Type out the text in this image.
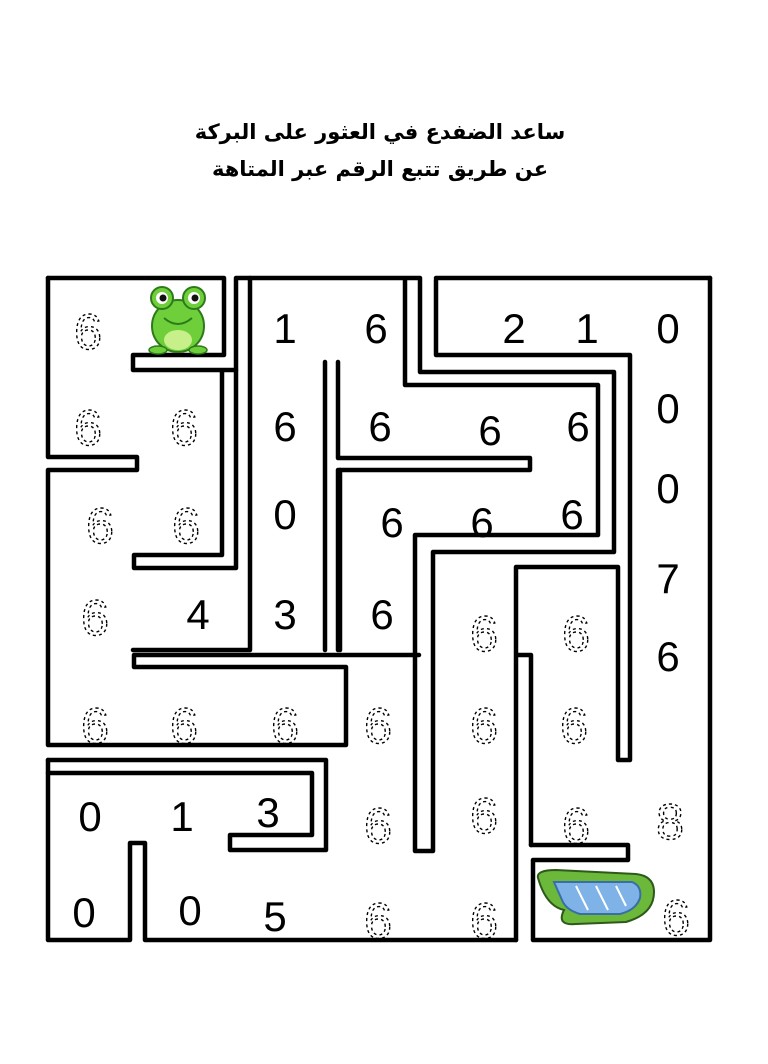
ساعد الضفدع في العثور على البركة
عن طريق تتبع الرقم عبر المتاهة
6	1 6	2 1 0
6 6 6 6 6 6 0
6 6 0 6 6 6
0
6 4 3 6 6 6
7
6 6 6 6 6 6
6
0 1 3 6 6 6 8
0 0 5 6 6	6
